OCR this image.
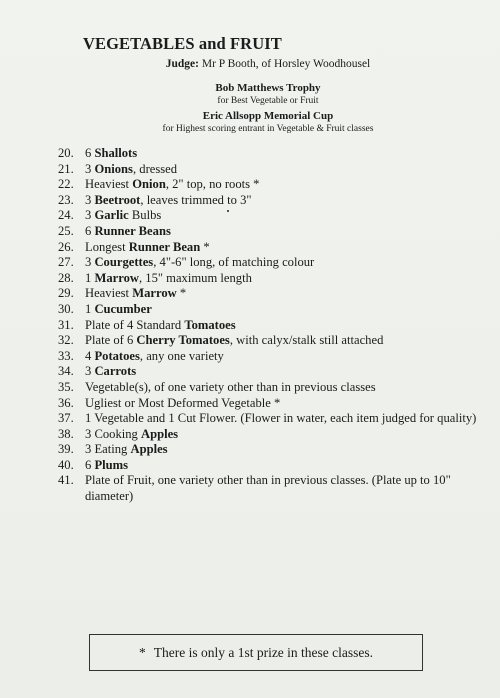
VEGETABLES and FRUIT
Judge: Mr P Booth, of Horsley Woodhousel
Bob Matthews Trophy
for Best Vegetable or Fruit
Eric Allsopp Memorial Cup
for Highest scoring entrant in Vegetable & Fruit classes
20. 6 Shallots
21. 3 Onions, dressed
22. Heaviest Onion, 2" top, no roots *
23. 3 Beetroot, leaves trimmed to 3"
24. 3 Garlic Bulbs
25. 6 Runner Beans
26. Longest Runner Bean *
27. 3 Courgettes, 4"-6" long, of matching colour
28. 1 Marrow, 15" maximum length
29. Heaviest Marrow *
30. 1 Cucumber
31. Plate of 4 Standard Tomatoes
32. Plate of 6 Cherry Tomatoes, with calyx/stalk still attached
33. 4 Potatoes, any one variety
34. 3 Carrots
35. Vegetable(s), of one variety other than in previous classes
36. Ugliest or Most Deformed Vegetable *
37. 1 Vegetable and 1 Cut Flower. (Flower in water, each item judged for quality)
38. 3 Cooking Apples
39. 3 Eating Apples
40. 6 Plums
41. Plate of Fruit, one variety other than in previous classes. (Plate up to 10" diameter)
* There is only a 1st prize in these classes.
